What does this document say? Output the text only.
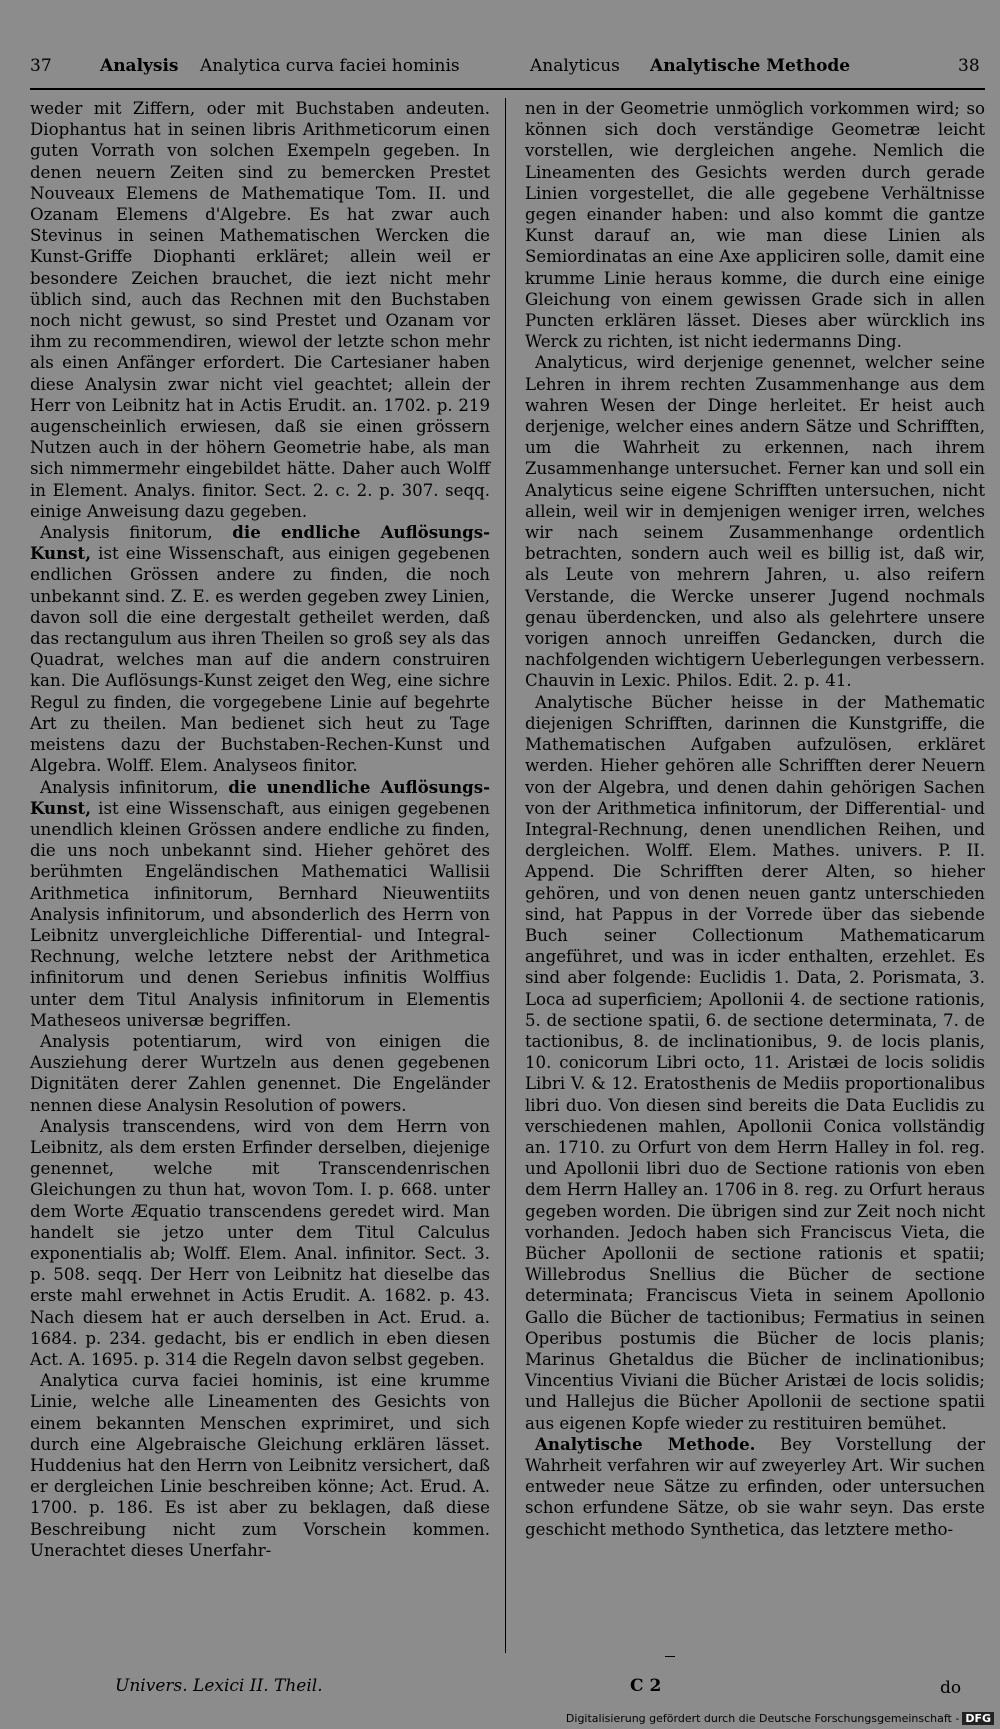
37	Analysis Analytica curva faciei hominis	Analyticus Analytische Methode	38

weder mit Ziffern, oder mit Buchstaben andeuten. Diophantus hat in seinen libris Arithmeticorum einen guten Vorrath von solchen Exempeln gegeben. In denen neuern Zeiten sind zu bemercken Prestet Nouveaux Elemens de Mathematique Tom. II. und Ozanam Elemens d'Algebre. Es hat zwar auch Stevinus in seinen Mathematischen Wercken die Kunst-Griffe Diophanti erkläret; allein weil er besondere Zeichen brauchet, die iezt nicht mehr üblich sind, auch das Rechnen mit den Buchstaben noch nicht gewust, so sind Prestet und Ozanam vor ihm zu recommendiren, wiewol der letzte schon mehr als einen Anfänger erfordert. Die Cartesianer haben diese Analysin zwar nicht viel geachtet; allein der Herr von Leibnitz hat in Actis Erudit. an. 1702. p. 219 augenscheinlich erwiesen, daß sie einen grössern Nutzen auch in der höhern Geometrie habe, als man sich nimmermehr eingebildet hätte. Daher auch Wolff in Element. Analys. finitor. Sect. 2. c. 2. p. 307. seqq. einige Anweisung dazu gegeben.

Analysis finitorum, die endliche Auflösungs-Kunst, ist eine Wissenschaft, aus einigen gegebenen endlichen Grössen andere zu finden, die noch unbekannt sind. Z. E. es werden gegeben zwey Linien, davon soll die eine dergestalt getheilet werden, daß das rectangulum aus ihren Theilen so groß sey als das Quadrat, welches man auf die andern construiren kan. Die Auflösungs-Kunst zeiget den Weg, eine sichre Regul zu finden, die vorgegebene Linie auf begehrte Art zu theilen. Man bedienet sich heut zu Tage meistens dazu der Buchstaben-Rechen-Kunst und Algebra. Wolff. Elem. Analyseos finitor.

Analysis infinitorum, die unendliche Auflösungs-Kunst, ist eine Wissenschaft, aus einigen gegebenen unendlich kleinen Grössen andere endliche zu finden, die uns noch unbekannt sind. Hieher gehöret des berühmten Engeländischen Mathematici Wallisii Arithmetica infinitorum, Bernhard Nieuwentiits Analysis infinitorum, und absonderlich des Herrn von Leibnitz unvergleichliche Differential- und Integral-Rechnung, welche letztere nebst der Arithmetica infinitorum und denen Seriebus infinitis Wolffius unter dem Titul Analysis infinitorum in Elementis Matheseos universæ begriffen.

Analysis potentiarum, wird von einigen die Ausziehung derer Wurtzeln aus denen gegebenen Dignitäten derer Zahlen genennet. Die Engeländer nennen diese Analysin Resolution of powers.

Analysis transcendens, wird von dem Herrn von Leibnitz, als dem ersten Erfinder derselben, diejenige genennet, welche mit Transcendenrischen Gleichungen zu thun hat, wovon Tom. I. p. 668. unter dem Worte Æquatio transcendens geredet wird. Man handelt sie jetzo unter dem Titul Calculus exponentialis ab; Wolff. Elem. Anal. infinitor. Sect. 3. p. 508. seqq. Der Herr von Leibnitz hat dieselbe das erste mahl erwehnet in Actis Erudit. A. 1682. p. 43. Nach diesem hat er auch derselben in Act. Erud. a. 1684. p. 234. gedacht, bis er endlich in eben diesen Act. A. 1695. p. 314 die Regeln davon selbst gegeben.

Analytica curva faciei hominis, ist eine krumme Linie, welche alle Lineamenten des Gesichts von einem bekannten Menschen exprimiret, und sich durch eine Algebraische Gleichung erklären lässet. Huddenius hat den Herrn von Leibnitz versichert, daß er dergleichen Linie beschreiben könne; Act. Erud. A. 1700. p. 186. Es ist aber zu beklagen, daß diese Beschreibung nicht zum Vorschein kommen. Unerachtet dieses Unerfahr-

nen in der Geometrie unmöglich vorkommen wird; so können sich doch verständige Geometræ leicht vorstellen, wie dergleichen angehe. Nemlich die Lineamenten des Gesichts werden durch gerade Linien vorgestellet, die alle gegebene Verhältnisse gegen einander haben: und also kommt die gantze Kunst darauf an, wie man diese Linien als Semiordinatas an eine Axe appliciren solle, damit eine krumme Linie heraus komme, die durch eine einige Gleichung von einem gewissen Grade sich in allen Puncten erklären lässet. Dieses aber würcklich ins Werck zu richten, ist nicht iedermanns Ding.

Analyticus, wird derjenige genennet, welcher seine Lehren in ihrem rechten Zusammenhange aus dem wahren Wesen der Dinge herleitet. Er heist auch derjenige, welcher eines andern Sätze und Schrifften, um die Wahrheit zu erkennen, nach ihrem Zusammenhange untersuchet. Ferner kan und soll ein Analyticus seine eigene Schrifften untersuchen, nicht allein, weil wir in demjenigen weniger irren, welches wir nach seinem Zusammenhange ordentlich betrachten, sondern auch weil es billig ist, daß wir, als Leute von mehrern Jahren, u. also reifern Verstande, die Wercke unserer Jugend nochmals genau überdencken, und also als gelehrtere unsere vorigen annoch unreiffen Gedancken, durch die nachfolgenden wichtigern Ueberlegungen verbessern. Chauvin in Lexic. Philos. Edit. 2. p. 41.

Analytische Bücher heisse in der Mathematic diejenigen Schrifften, darinnen die Kunstgriffe, die Mathematischen Aufgaben aufzulösen, erkläret werden. Hieher gehören alle Schrifften derer Neuern von der Algebra, und denen dahin gehörigen Sachen von der Arithmetica infinitorum, der Differential- und Integral-Rechnung, denen unendlichen Reihen, und dergleichen. Wolff. Elem. Mathes. univers. P. II. Append. Die Schrifften derer Alten, so hieher gehören, und von denen neuen gantz unterschieden sind, hat Pappus in der Vorrede über das siebende Buch seiner Collectionum Mathematicarum angeführet, und was in icder enthalten, erzehlet. Es sind aber folgende: Euclidis 1. Data, 2. Porismata, 3. Loca ad superficiem; Apollonii 4. de sectione rationis, 5. de sectione spatii, 6. de sectione determinata, 7. de tactionibus, 8. de inclinationibus, 9. de locis planis, 10. conicorum Libri octo, 11. Aristæi de locis solidis Libri V. & 12. Eratosthenis de Mediis proportionalibus libri duo. Von diesen sind bereits die Data Euclidis zu verschiedenen mahlen, Apollonii Conica vollständig an. 1710. zu Orfurt von dem Herrn Halley in fol. reg. und Apollonii libri duo de Sectione rationis von eben dem Herrn Halley an. 1706 in 8. reg. zu Orfurt heraus gegeben worden. Die übrigen sind zur Zeit noch nicht vorhanden. Jedoch haben sich Franciscus Vieta, die Bücher Apollonii de sectione rationis et spatii; Willebrodus Snellius die Bücher de sectione determinata; Franciscus Vieta in seinem Apollonio Gallo die Bücher de tactionibus; Fermatius in seinen Operibus postumis die Bücher de locis planis; Marinus Ghetaldus die Bücher de inclinationibus; Vincentius Viviani die Bücher Aristæi de locis solidis; und Hallejus die Bücher Apollonii de sectione spatii aus eigenen Kopfe wieder zu restituiren bemühet.

Analytische Methode. Bey Vorstellung der Wahrheit verfahren wir auf zweyerley Art. Wir suchen entweder neue Sätze zu erfinden, oder untersuchen schon erfundene Sätze, ob sie wahr seyn. Das erste geschicht methodo Synthetica, das letztere metho-

Univers. Lexici II. Theil.	C 2	do
Digitalisierung gefördert durch die Deutsche Forschungsgemeinschaft - DFG
